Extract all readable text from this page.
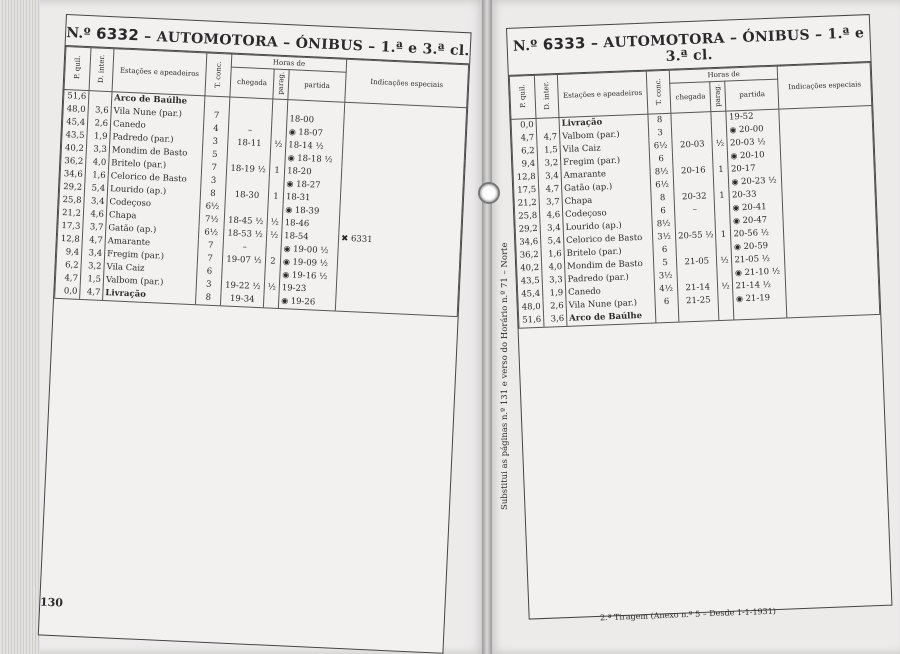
N.º 6332 – AUTOMOTORA – ÓNIBUS – 1.ª e 3.ª cl.
P. quil.	D. inter.	Estações e apeadeiros	T. conc.	Horas de			Indicações especiais
				chegada	parag.	partida	
51,6		Arco de Baúlhe					
48,0	3,6	Vila Nune (par.)	7			18-00	
45,4	2,6	Canedo	4	–		◉ 18-07	
43,5	1,9	Padredo (par.)	3	18-11	½	18-14 ½	
40,2	3,3	Mondim de Basto	5			◉ 18-18 ½	
36,2	4,0	Britelo (par.)	7	18-19 ½	1	18-20	
34,6	1,6	Celorico de Basto	3			◉ 18-27	
29,2	5,4	Lourido (ap.)	8	18-30	1	18-31	
25,8	3,4	Codeçoso	6½			◉ 18-39	
21,2	4,6	Chapa	7½	18-45 ½	½	18-46	
17,3	3,7	Gatão (ap.)	6½	18-53 ½	½	18-54	✖ 6331
12,8	4,7	Amarante	7	–		◉ 19-00 ½	
9,4	3,4	Fregim (par.)	7	19-07 ½	2	◉ 19-09 ½	
6,2	3,2	Vila Caiz	6			◉ 19-16 ½	
4,7	1,5	Valbom (par.)	3	19-22 ½	½	19-23	
0,0	4,7	Livração	8	19-34		◉ 19-26	
130
N.º 6333 – AUTOMOTORA – ÓNIBUS – 1.ª e 3.ª cl.
P. quil.	D. inter.	Estações e apeadeiros	T. conc.	Horas de			Indicações especiais
				chegada	parag.	partida	
0,0		Livração	8			19-52	
4,7	4,7	Valbom (par.)	3			◉ 20-00	
6,2	1,5	Vila Caiz	6½	20-03	½	20-03 ½	
9,4	3,2	Fregim (par.)	6			◉ 20-10	
12,8	3,4	Amarante	8½	20-16	1	20-17	
17,5	4,7	Gatão (ap.)	6½			◉ 20-23 ½	
21,2	3,7	Chapa	8	20-32	1	20-33	
25,8	4,6	Codeçoso	6	–		◉ 20-41	
29,2	3,4	Lourido (ap.)	8½			◉ 20-47	
34,6	5,4	Celorico de Basto	3½	20-55 ½	1	20-56 ½	
36,2	1,6	Britelo (par.)	6			◉ 20-59	
40,2	4,0	Mondim de Basto	5	21-05	½	21-05 ½	
43,5	3,3	Padredo (par.)	3½			◉ 21-10 ½	
45,4	1,9	Canedo	4½	21-14	½	21-14 ½	
48,0	2,6	Vila Nune (par.)	6	21-25		◉ 21-19	
51,6	3,6	Arco de Baúlhe					
Substitui as páginas n.º 131 e verso do Horário n.º 71 – Norte
2.ª Tiragem (Anexo n.º 5 – Desde 1-1-1931)
